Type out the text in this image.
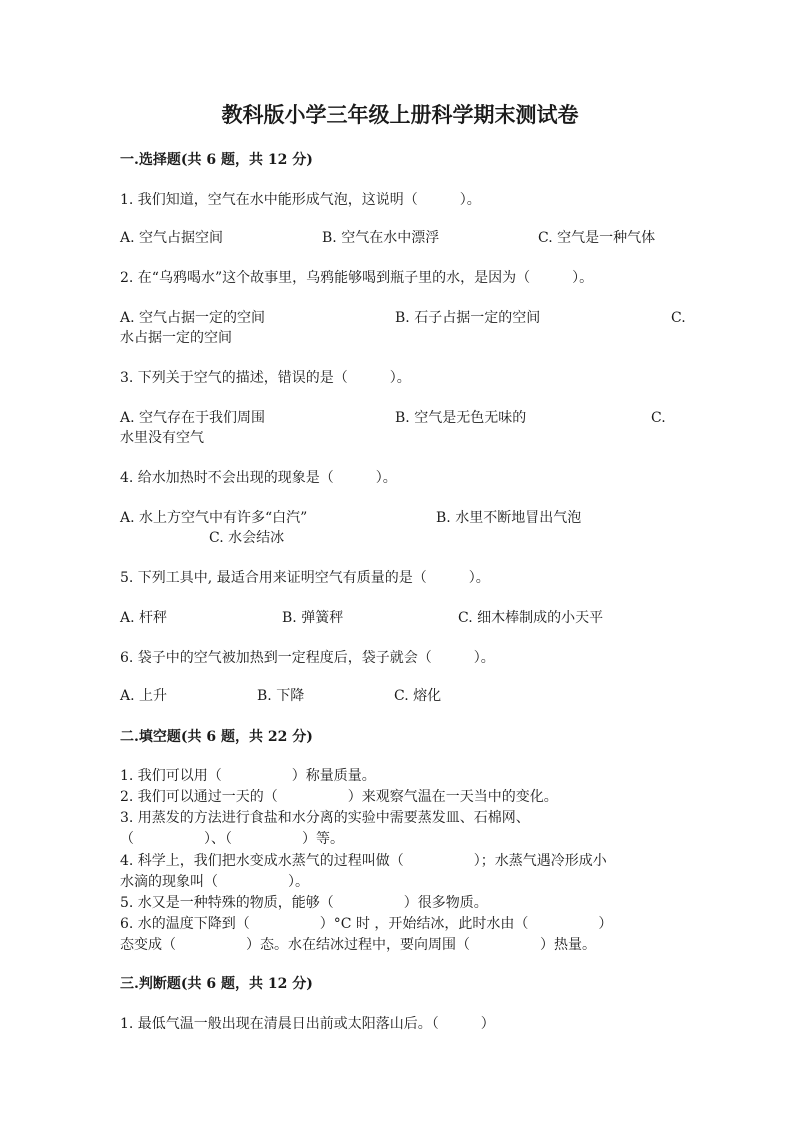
教科版小学三年级上册科学期末测试卷
一.选择题(共 6 题，共 12 分)
1. 我们知道，空气在水中能形成气泡，这说明（　　　）。
A. 空气占据空间	B. 空气在水中漂浮	C. 空气是一种气体
2. 在“乌鸦喝水”这个故事里，乌鸦能够喝到瓶子里的水，是因为（　　　）。
A. 空气占据一定的空间	B. 石子占据一定的空间	C.
水占据一定的空间
3. 下列关于空气的描述，错误的是（　　　）。
A. 空气存在于我们周围	B. 空气是无色无味的	C.
水里没有空气
4. 给水加热时不会出现的现象是（　　　）。
A. 水上方空气中有许多“白汽”	B. 水里不断地冒出气泡
C. 水会结冰
5. 下列工具中, 最适合用来证明空气有质量的是（　　　）。
A. 杆秤	B. 弹簧秤	C. 细木棒制成的小天平
6. 袋子中的空气被加热到一定程度后，袋子就会（　　　）。
A. 上升	B. 下降	C. 熔化
二.填空题(共 6 题，共 22 分)
1. 我们可以用（　　　　　）称量质量。
2. 我们可以通过一天的（　　　　　）来观察气温在一天当中的变化。
3. 用蒸发的方法进行食盐和水分离的实验中需要蒸发皿、石棉网、
（　　　　　）、（　　　　　）等。
4. 科学上，我们把水变成水蒸气的过程叫做（　　　　　）；水蒸气遇冷形成小
水滴的现象叫（　　　　　）。
5. 水又是一种特殊的物质，能够（　　　　　）很多物质。
6. 水的温度下降到（　　　　　）°C 时 ，开始结冰，此时水由（　　　　　）
态变成（　　　　　）态。水在结冰过程中，要向周围（　　　　　）热量。
三.判断题(共 6 题，共 12 分)
1. 最低气温一般出现在清晨日出前或太阳落山后。（　　　）
